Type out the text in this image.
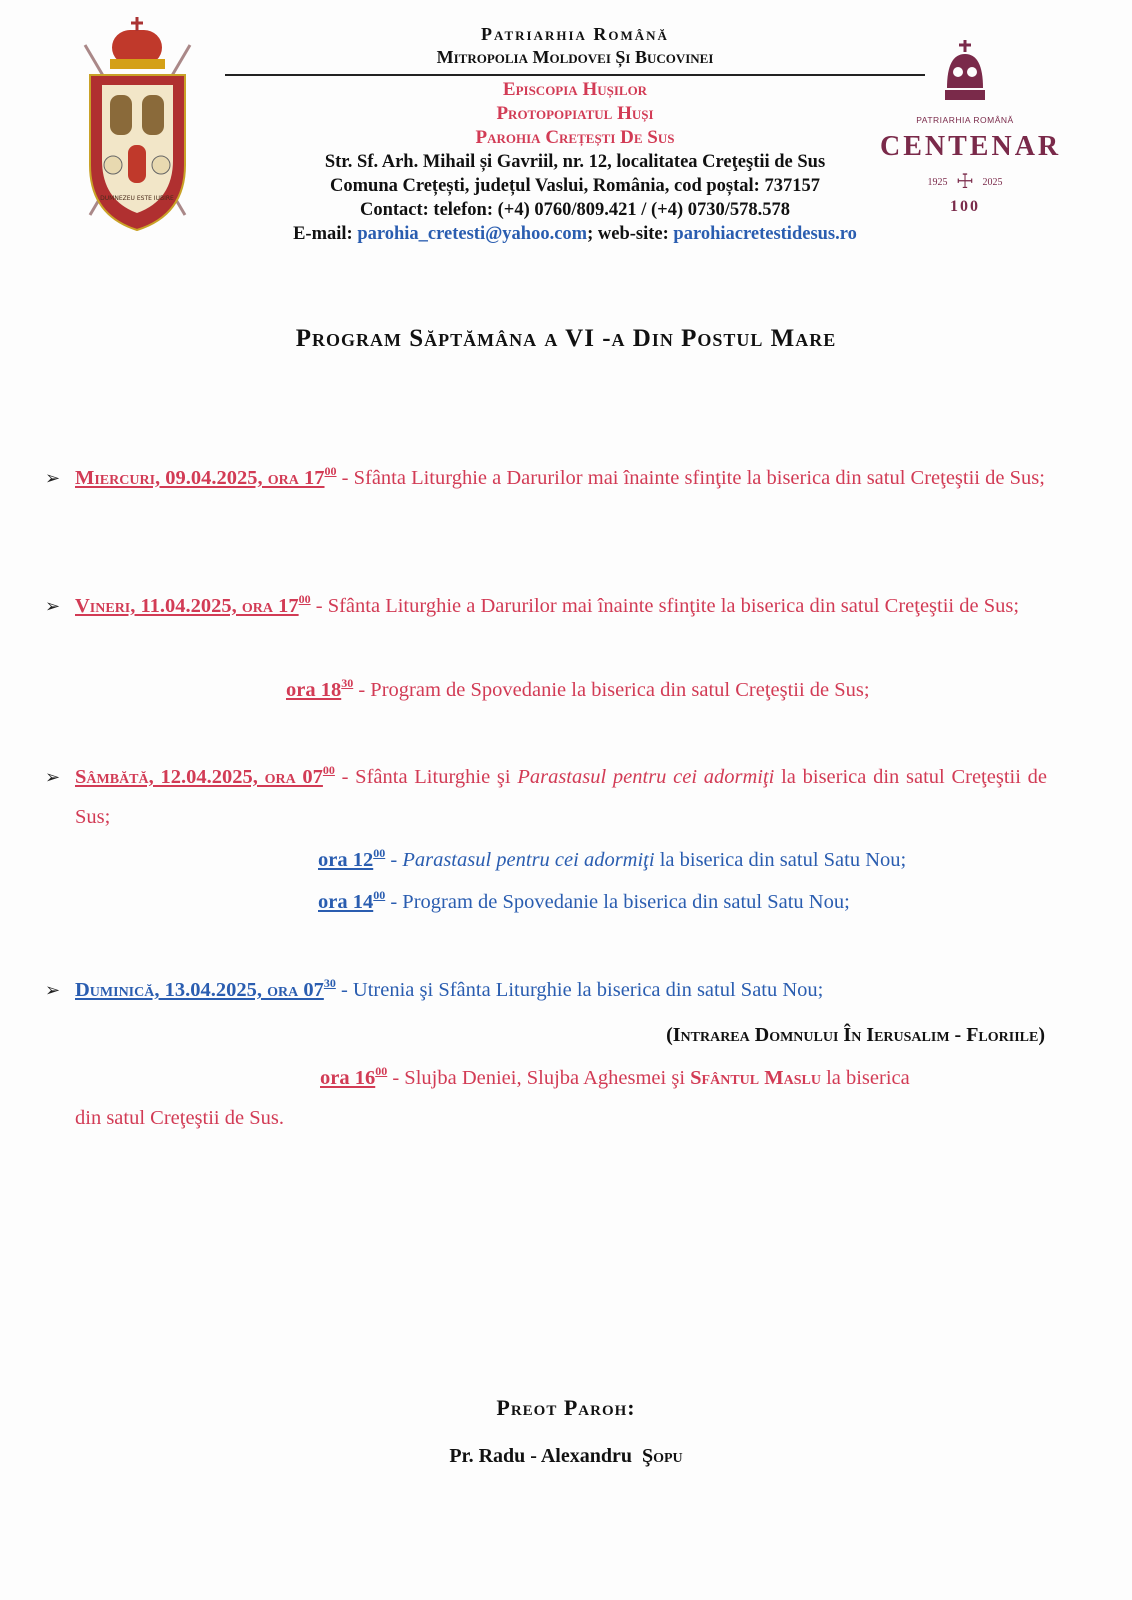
DUMNEZEU ESTE IUBIRE
Patriarhia Română
Mitropolia Moldovei Și Bucovinei
Episcopia Hușilor
Protopopiatul Huși
Parohia Crețești De Sus
Str. Sf. Arh. Mihail și Gavriil, nr. 12, localitatea Creţeştii de Sus
Comuna Crețești, județul Vaslui, România, cod poștal: 737157
Contact: telefon: (+4) 0760/809.421 / (+4) 0730/578.578
E-mail: parohia_cretesti@yahoo.com; web-site: parohiacretestidesus.ro
PATRIARHIA ROMÂNĂ
CENTENAR
1925 ☩ 2025
100
Program Săptămâna a VI -a Din Postul Mare
➢ Miercuri, 09.04.2025, ora $17^{00}$ - Sfânta Liturghie a Darurilor mai înainte sfinţite la biserica din satul Creţeştii de Sus;
➢ Vineri, 11.04.2025, ora $17^{00}$ - Sfânta Liturghie a Darurilor mai înainte sfinţite la biserica din satul Creţeştii de Sus;
ora $18^{30}$ - Program de Spovedanie la biserica din satul Creţeştii de Sus;
➢ Sâmbătă, 12.04.2025, ora $07^{00}$ - Sfânta Liturghie şi Parastasul pentru cei adormiţi la biserica din satul Creţeştii de Sus;
ora $12^{00}$ - Parastasul pentru cei adormiţi la biserica din satul Satu Nou;
ora $14^{00}$ - Program de Spovedanie la biserica din satul Satu Nou;
➢ Duminică, 13.04.2025, ora $07^{30}$ - Utrenia şi Sfânta Liturghie la biserica din satul Satu Nou;
(Intrarea Domnului În Ierusalim - Floriile)
ora $16^{00}$ - Slujba Deniei, Slujba Aghesmei şi Sfântul Maslu la biserica
din satul Creţeştii de Sus.
Preot Paroh:
Pr. Radu - Alexandru  Şopu
